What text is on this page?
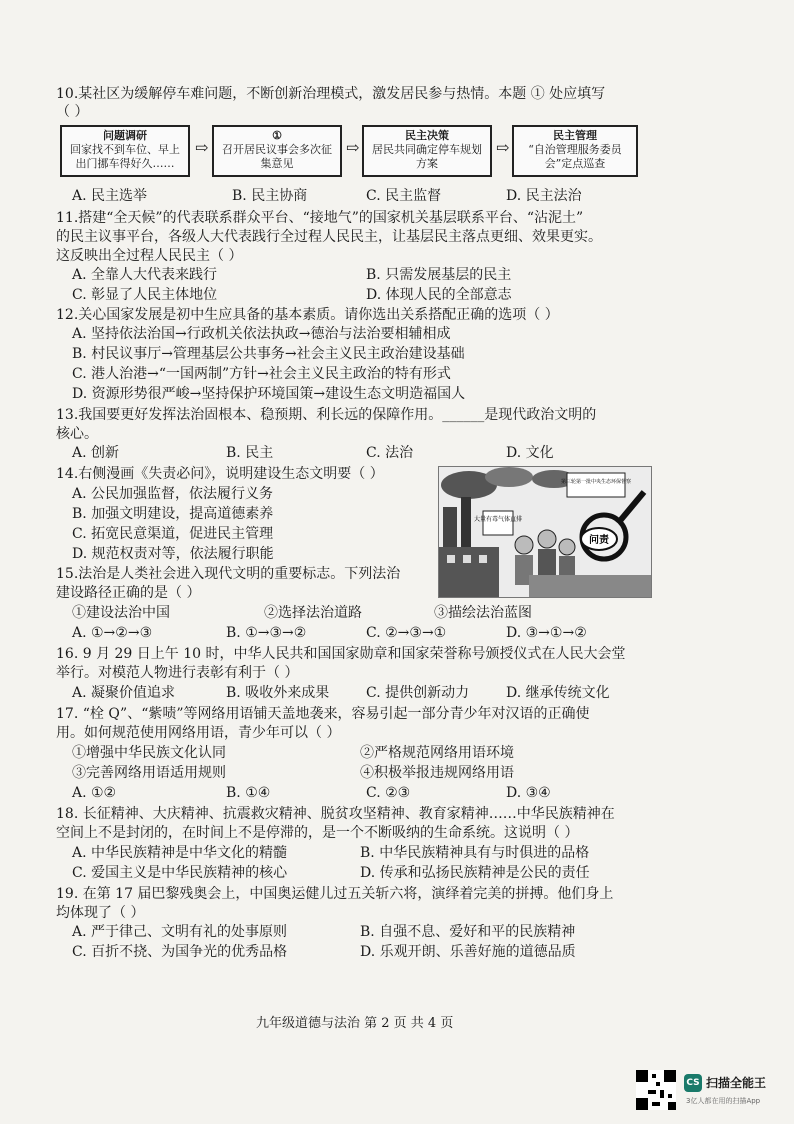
10.某社区为缓解停车难问题，不断创新治理模式，激发居民参与热情。本题 ① 处应填写
（ ）
问题调研
回家找不到车位、早上出门挪车得好久……
⇨
①
召开居民议事会多次征集意见
⇨
民主决策
居民共同确定停车规划方案
⇨
民主管理
“自治管理服务委员会”定点巡查
A. 民主选举	B. 民主协商	C. 民主监督	D. 民主法治
11.搭建“全天候”的代表联系群众平台、“接地气”的国家机关基层联系平台、“沾泥土”
的民主议事平台，各级人大代表践行全过程人民民主，让基层民主落点更细、效果更实。
这反映出全过程人民民主（ ）
A. 全靠人大代表来践行	B. 只需发展基层的民主
C. 彰显了人民主体地位	D. 体现人民的全部意志
12.关心国家发展是初中生应具备的基本素质。请你选出关系搭配正确的选项（ ）
A. 坚持依法治国→行政机关依法执政→德治与法治要相辅相成
B. 村民议事厅→管理基层公共事务→社会主义民主政治建设基础
C. 港人治港→“一国两制”方针→社会主义民主政治的特有形式
D. 资源形势很严峻→坚持保护环境国策→建设生态文明造福国人
13.我国要更好发挥法治固根本、稳预期、利长远的保障作用。______是现代政治文明的
核心。
A. 创新	B. 民主	C. 法治	D. 文化
14.右侧漫画《失责必问》，说明建设生态文明要（ ）
A. 公民加强监督，依法履行义务
B. 加强文明建设，提高道德素养
C. 拓宽民意渠道，促进民主管理
D. 规范权责对等，依法履行职能
大量有毒气体直排
第三轮第一批中央生态环保督察
问责
15.法治是人类社会进入现代文明的重要标志。下列法治
建设路径正确的是（ ）
①建设法治中国	②选择法治道路	③描绘法治蓝图
A. ①→②→③	B. ①→③→②	C. ②→③→①	D. ③→①→②
16. 9 月 29 日上午 10 时，中华人民共和国国家勋章和国家荣誉称号颁授仪式在人民大会堂
举行。对模范人物进行表彰有利于（ ）
A. 凝聚价值追求	B. 吸收外来成果	C. 提供创新动力	D. 继承传统文化
17. “栓 Q”、“紫啧”等网络用语铺天盖地袭来，容易引起一部分青少年对汉语的正确使
用。如何规范使用网络用语，青少年可以（ ）
①增强中华民族文化认同	②严格规范网络用语环境
③完善网络用语适用规则	④积极举报违规网络用语
A. ①②	B. ①④	C. ②③	D. ③④
18. 长征精神、大庆精神、抗震救灾精神、脱贫攻坚精神、教育家精神……中华民族精神在
空间上不是封闭的，在时间上不是停滞的，是一个不断吸纳的生命系统。这说明（ ）
A. 中华民族精神是中华文化的精髓	B. 中华民族精神具有与时俱进的品格
C. 爱国主义是中华民族精神的核心	D. 传承和弘扬民族精神是公民的责任
19. 在第 17 届巴黎残奥会上，中国奥运健儿过五关斩六将，演绎着完美的拼搏。他们身上
均体现了（ ）
A. 严于律己、文明有礼的处事原则	B. 自强不息、爱好和平的民族精神
C. 百折不挠、为国争光的优秀品格	D. 乐观开朗、乐善好施的道德品质
九年级道德与法治 第 2 页 共 4 页
CS 扫描全能王
3亿人都在用的扫描App
